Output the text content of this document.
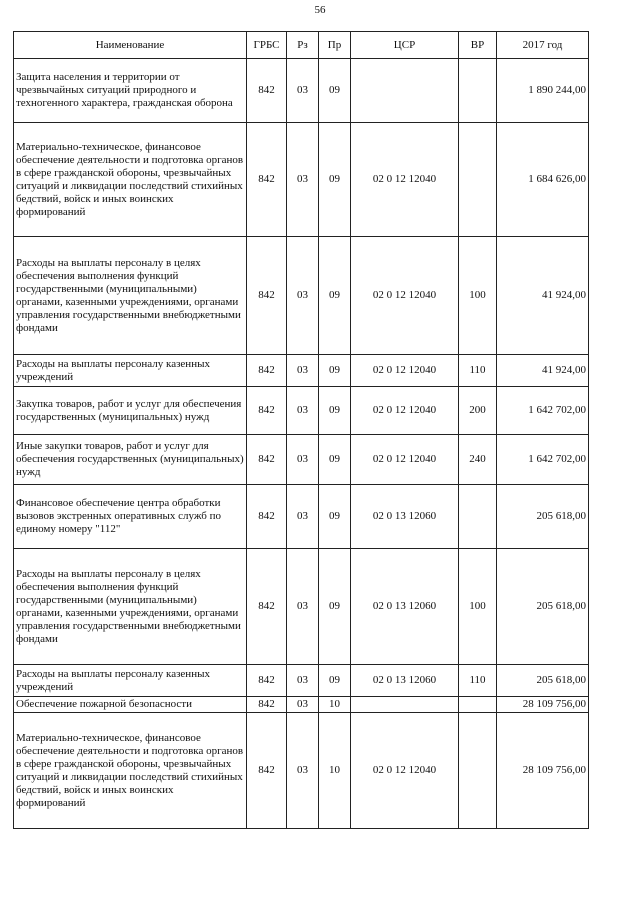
56
Наименование	ГРБС	Рз	Пр	ЦСР	ВР	2017 год
Защита населения и территории от чрезвычайных ситуаций природного и техногенного характера, гражданская оборона	842	03	09			1 890 244,00
Материально-техническое, финансовое обеспечение деятельности и подготовка органов в сфере гражданской обороны, чрезвычайных ситуаций и ликвидации последствий стихийных бедствий, войск и иных воинских формирований	842	03	09	02 0 12 12040		1 684 626,00
Расходы на выплаты персоналу в целях обеспечения выполнения функций государственными (муниципальными) органами, казенными учреждениями, органами управления государственными внебюджетными фондами	842	03	09	02 0 12 12040	100	41 924,00
Расходы на выплаты персоналу казенных учреждений	842	03	09	02 0 12 12040	110	41 924,00
Закупка товаров, работ и услуг для обеспечения государственных (муниципальных) нужд	842	03	09	02 0 12 12040	200	1 642 702,00
Иные закупки товаров, работ и услуг для обеспечения государственных (муниципальных) нужд	842	03	09	02 0 12 12040	240	1 642 702,00
Финансовое обеспечение центра обработки вызовов экстренных оперативных служб по единому номеру "112"	842	03	09	02 0 13 12060		205 618,00
Расходы на выплаты персоналу в целях обеспечения выполнения функций государственными (муниципальными) органами, казенными учреждениями, органами управления государственными внебюджетными фондами	842	03	09	02 0 13 12060	100	205 618,00
Расходы на выплаты персоналу казенных учреждений	842	03	09	02 0 13 12060	110	205 618,00
Обеспечение пожарной безопасности	842	03	10			28 109 756,00
Материально-техническое, финансовое обеспечение деятельности и подготовка органов в сфере гражданской обороны, чрезвычайных ситуаций и ликвидации последствий стихийных бедствий, войск и иных воинских формирований	842	03	10	02 0 12 12040		28 109 756,00
